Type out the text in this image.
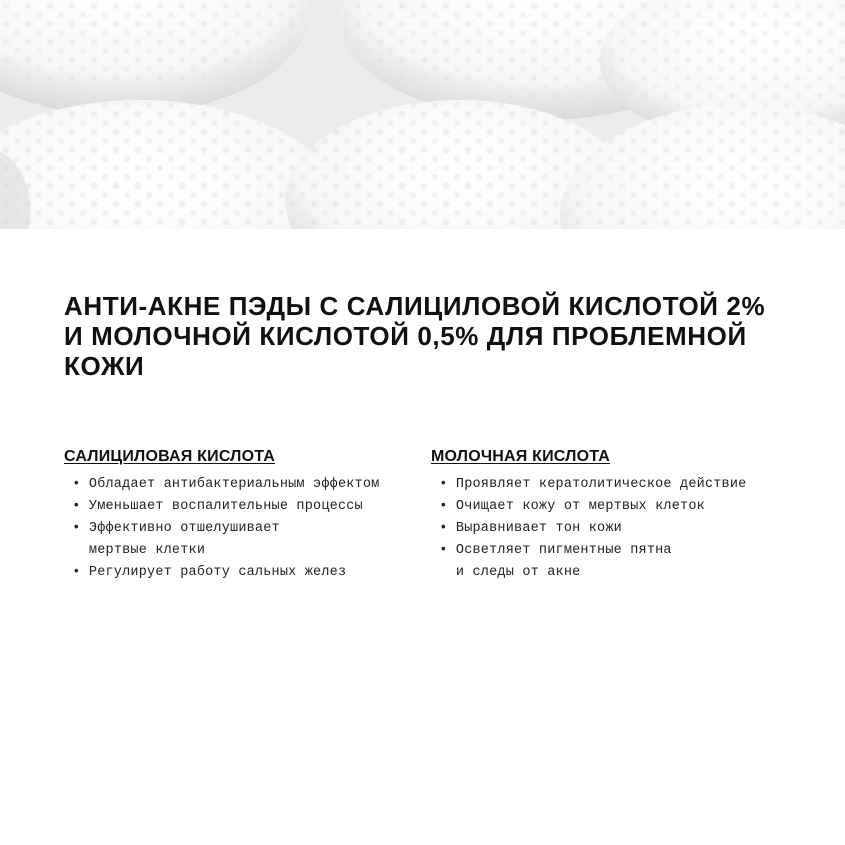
АНТИ-АКНЕ ПЭДЫ С САЛИЦИЛОВОЙ КИСЛОТОЙ 2%
И МОЛОЧНОЙ КИСЛОТОЙ 0,5% ДЛЯ ПРОБЛЕМНОЙ
КОЖИ
САЛИЦИЛОВАЯ КИСЛОТА
• Обладает антибактериальным эффектом
• Уменьшает воспалительные процессы
• Эффективно отшелушивает
мертвые клетки
• Регулирует работу сальных желез
МОЛОЧНАЯ КИСЛОТА
• Проявляет кератолитическое действие
• Очищает кожу от мертвых клеток
• Выравнивает тон кожи
• Осветляет пигментные пятна
и следы от акне
